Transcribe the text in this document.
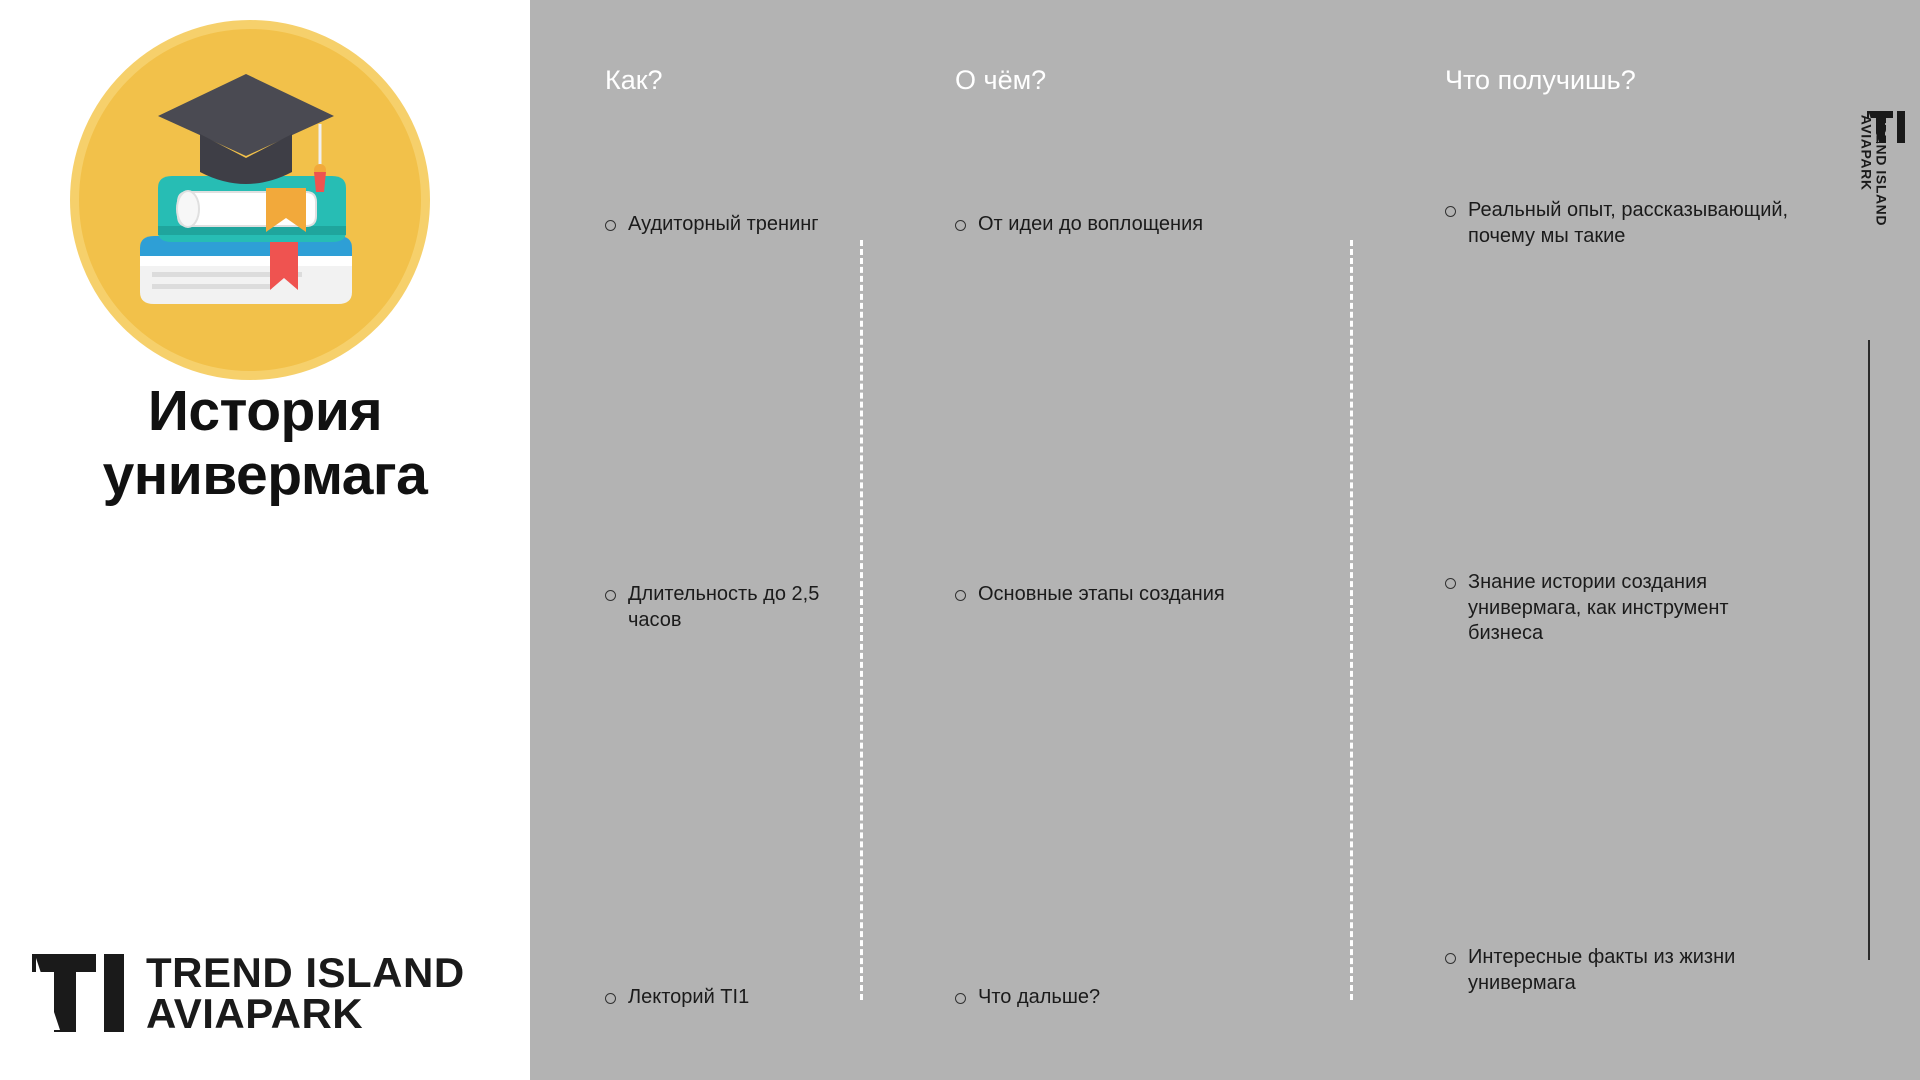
История
универмага
TREND ISLAND
AVIAPARK
Как?	О чём?	Что получишь?
TREND ISLAND
AVIAPARK
Аудиторный тренинг
Длительность до 2,5 часов
Лекторий TI1
От идеи до воплощения
Основные этапы создания
Что дальше?
Реальный опыт, рассказывающий, почему мы такие
Знание истории создания универмага, как инструмент бизнеса
Интересные факты из жизни универмага
